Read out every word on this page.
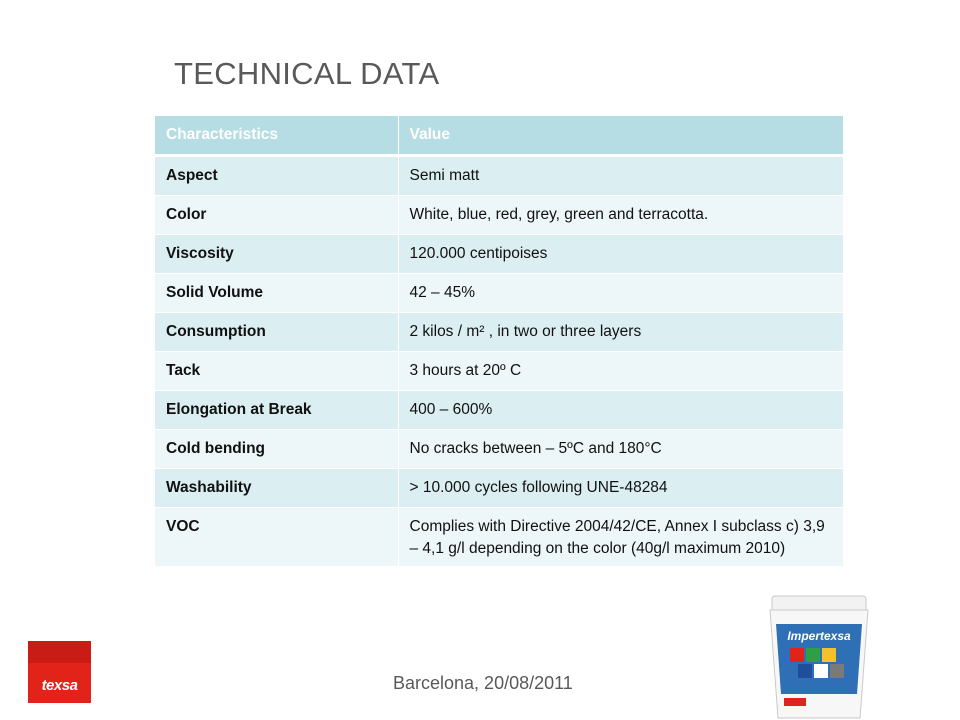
TECHNICAL DATA
Characteristics	Value
Aspect	Semi matt
Color	White, blue, red, grey, green and terracotta.
Viscosity	120.000 centipoises
Solid Volume	42 – 45%
Consumption	2 kilos / m² , in two or three layers
Tack	3 hours at 20º C
Elongation at Break	400 – 600%
Cold bending	No cracks between – 5ºC and 180°C
Washability	> 10.000 cycles following UNE-48284
VOC	Complies with Directive 2004/42/CE, Annex I subclass c) 3,9 – 4,1 g/l depending on the color (40g/l maximum 2010)
texsa	Barcelona, 20/08/2011
Impertexsa
